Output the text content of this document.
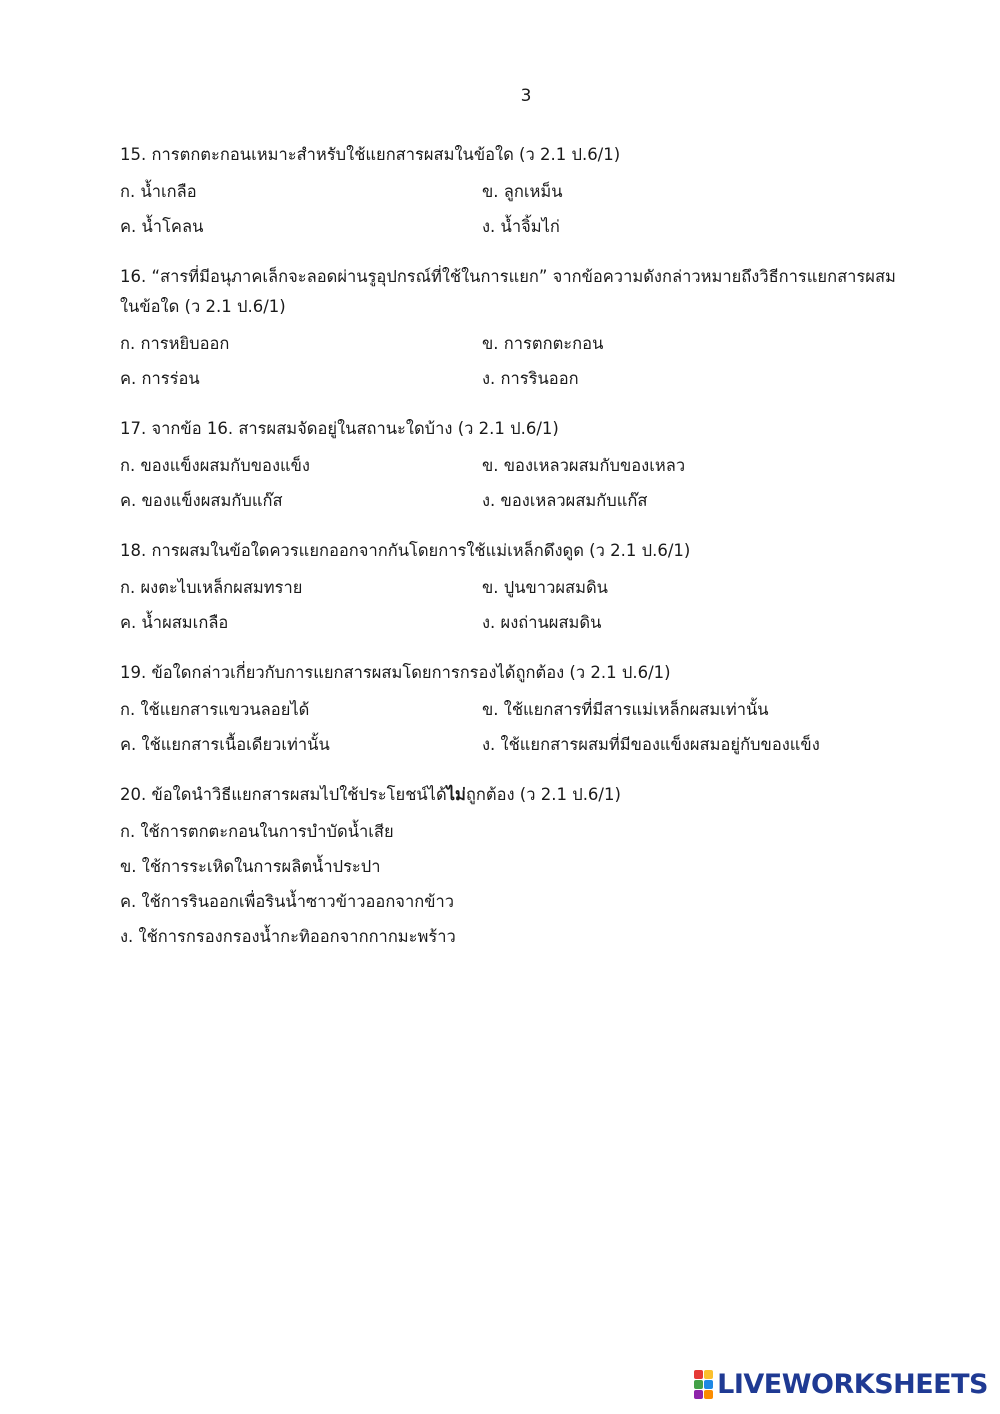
3
15. การตกตะกอนเหมาะสำหรับใช้แยกสารผสมในข้อใด (ว 2.1 ป.6/1)
ก. น้ำเกลือ	ข. ลูกเหม็น
ค. น้ำโคลน	ง. น้ำจิ้มไก่
16. “สารที่มีอนุภาคเล็กจะลอดผ่านรูอุปกรณ์ที่ใช้ในการแยก” จากข้อความดังกล่าวหมายถึงวิธีการแยกสารผสม
ในข้อใด (ว 2.1 ป.6/1)
ก. การหยิบออก	ข. การตกตะกอน
ค. การร่อน	ง. การรินออก
17. จากข้อ 16. สารผสมจัดอยู่ในสถานะใดบ้าง (ว 2.1 ป.6/1)
ก. ของแข็งผสมกับของแข็ง	ข. ของเหลวผสมกับของเหลว
ค. ของแข็งผสมกับแก๊ส	ง. ของเหลวผสมกับแก๊ส
18. การผสมในข้อใดควรแยกออกจากกันโดยการใช้แม่เหล็กดึงดูด (ว 2.1 ป.6/1)
ก. ผงตะไบเหล็กผสมทราย	ข. ปูนขาวผสมดิน
ค. น้ำผสมเกลือ	ง. ผงถ่านผสมดิน
19. ข้อใดกล่าวเกี่ยวกับการแยกสารผสมโดยการกรองได้ถูกต้อง (ว 2.1 ป.6/1)
ก. ใช้แยกสารแขวนลอยได้	ข. ใช้แยกสารที่มีสารแม่เหล็กผสมเท่านั้น
ค. ใช้แยกสารเนื้อเดียวเท่านั้น	ง. ใช้แยกสารผสมที่มีของแข็งผสมอยู่กับของแข็ง
20. ข้อใดนำวิธีแยกสารผสมไปใช้ประโยชน์ได้ไม่ถูกต้อง (ว 2.1 ป.6/1)
ก. ใช้การตกตะกอนในการบำบัดน้ำเสีย
ข. ใช้การระเหิดในการผลิตน้ำประปา
ค. ใช้การรินออกเพื่อรินน้ำซาวข้าวออกจากข้าว
ง. ใช้การกรองกรองน้ำกะทิออกจากกากมะพร้าว
LIVEWORKSHEETS
